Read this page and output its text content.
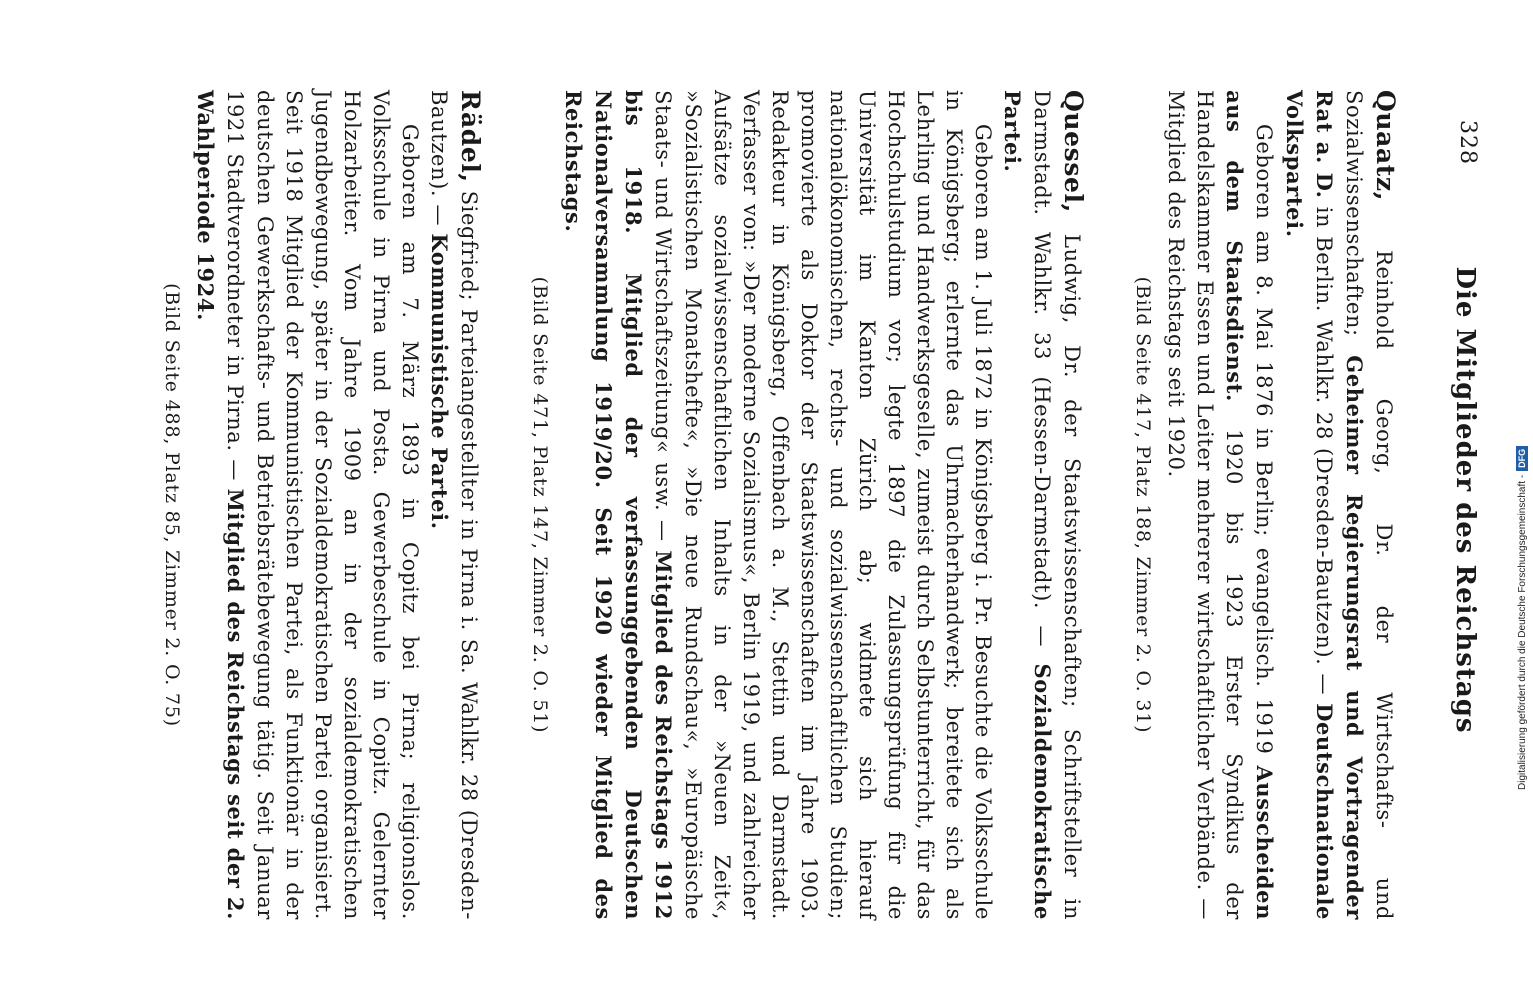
328
Die Mitglieder des Reichstags

Quaatz, Reinhold Georg, Dr. der Wirtschafts- und Sozialwissenschaften; Geheimer Regierungsrat und Vortragender Rat a. D. in Berlin. Wahlkr. 28 (Dresden-Bautzen). — Deutschnationale Volkspartei.

Geboren am 8. Mai 1876 in Berlin; evangelisch. 1919 Ausscheiden aus dem Staatsdienst. 1920 bis 1923 Erster Syndikus der Handelskammer Essen und Leiter mehrerer wirtschaftlicher Verbände. — Mitglied des Reichstags seit 1920.

(Bild Seite 417, Platz 188, Zimmer 2. O. 31)

Quessel, Ludwig, Dr. der Staatswissenschaften; Schriftsteller in Darmstadt. Wahlkr. 33 (Hessen-Darmstadt). — Sozialdemokratische Partei.

Geboren am 1. Juli 1872 in Königsberg i. Pr. Besuchte die Volksschule in Königsberg; erlernte das Uhrmacherhandwerk; bereitete sich als Lehrling und Handwerksgeselle, zumeist durch Selbstunterricht, für das Hochschulstudium vor; legte 1897 die Zulassungsprüfung für die Universität im Kanton Zürich ab; widmete sich hierauf nationalökonomischen, rechts- und sozialwissenschaftlichen Studien; promovierte als Doktor der Staatswissenschaften im Jahre 1903. Redakteur in Königsberg, Offenbach a. M., Stettin und Darmstadt. Verfasser von: »Der moderne Sozialismus«, Berlin 1919, und zahlreicher Aufsätze sozialwissenschaftlichen Inhalts in der »Neuen Zeit«, »Sozialistischen Monatshefte«, »Die neue Rundschau«, »Europäische Staats- und Wirtschaftszeitung« usw. — Mitglied des Reichstags 1912 bis 1918. Mitglied der verfassunggebenden Deutschen Nationalversammlung 1919/20. Seit 1920 wieder Mitglied des Reichstags.

(Bild Seite 471, Platz 147, Zimmer 2. O. 51)

Rädel, Siegfried; Parteiangestellter in Pirna i. Sa. Wahlkr. 28 (Dresden-Bautzen). — Kommunistische Partei.

Geboren am 7. März 1893 in Copitz bei Pirna; religionslos. Volksschule in Pirna und Posta. Gewerbeschule in Copitz. Gelernter Holzarbeiter. Vom Jahre 1909 an in der sozialdemokratischen Jugendbewegung, später in der Sozialdemokratischen Partei organisiert. Seit 1918 Mitglied der Kommunistischen Partei, als Funktionär in der deutschen Gewerkschafts- und Betriebsrätebewegung tätig. Seit Januar 1921 Stadtverordneter in Pirna. — Mitglied des Reichstags seit der 2. Wahlperiode 1924.

(Bild Seite 488, Platz 85, Zimmer 2. O. 75)	Digitalisierung gefördert durch die Deutsche Forschungsgemeinschaft -DFG
